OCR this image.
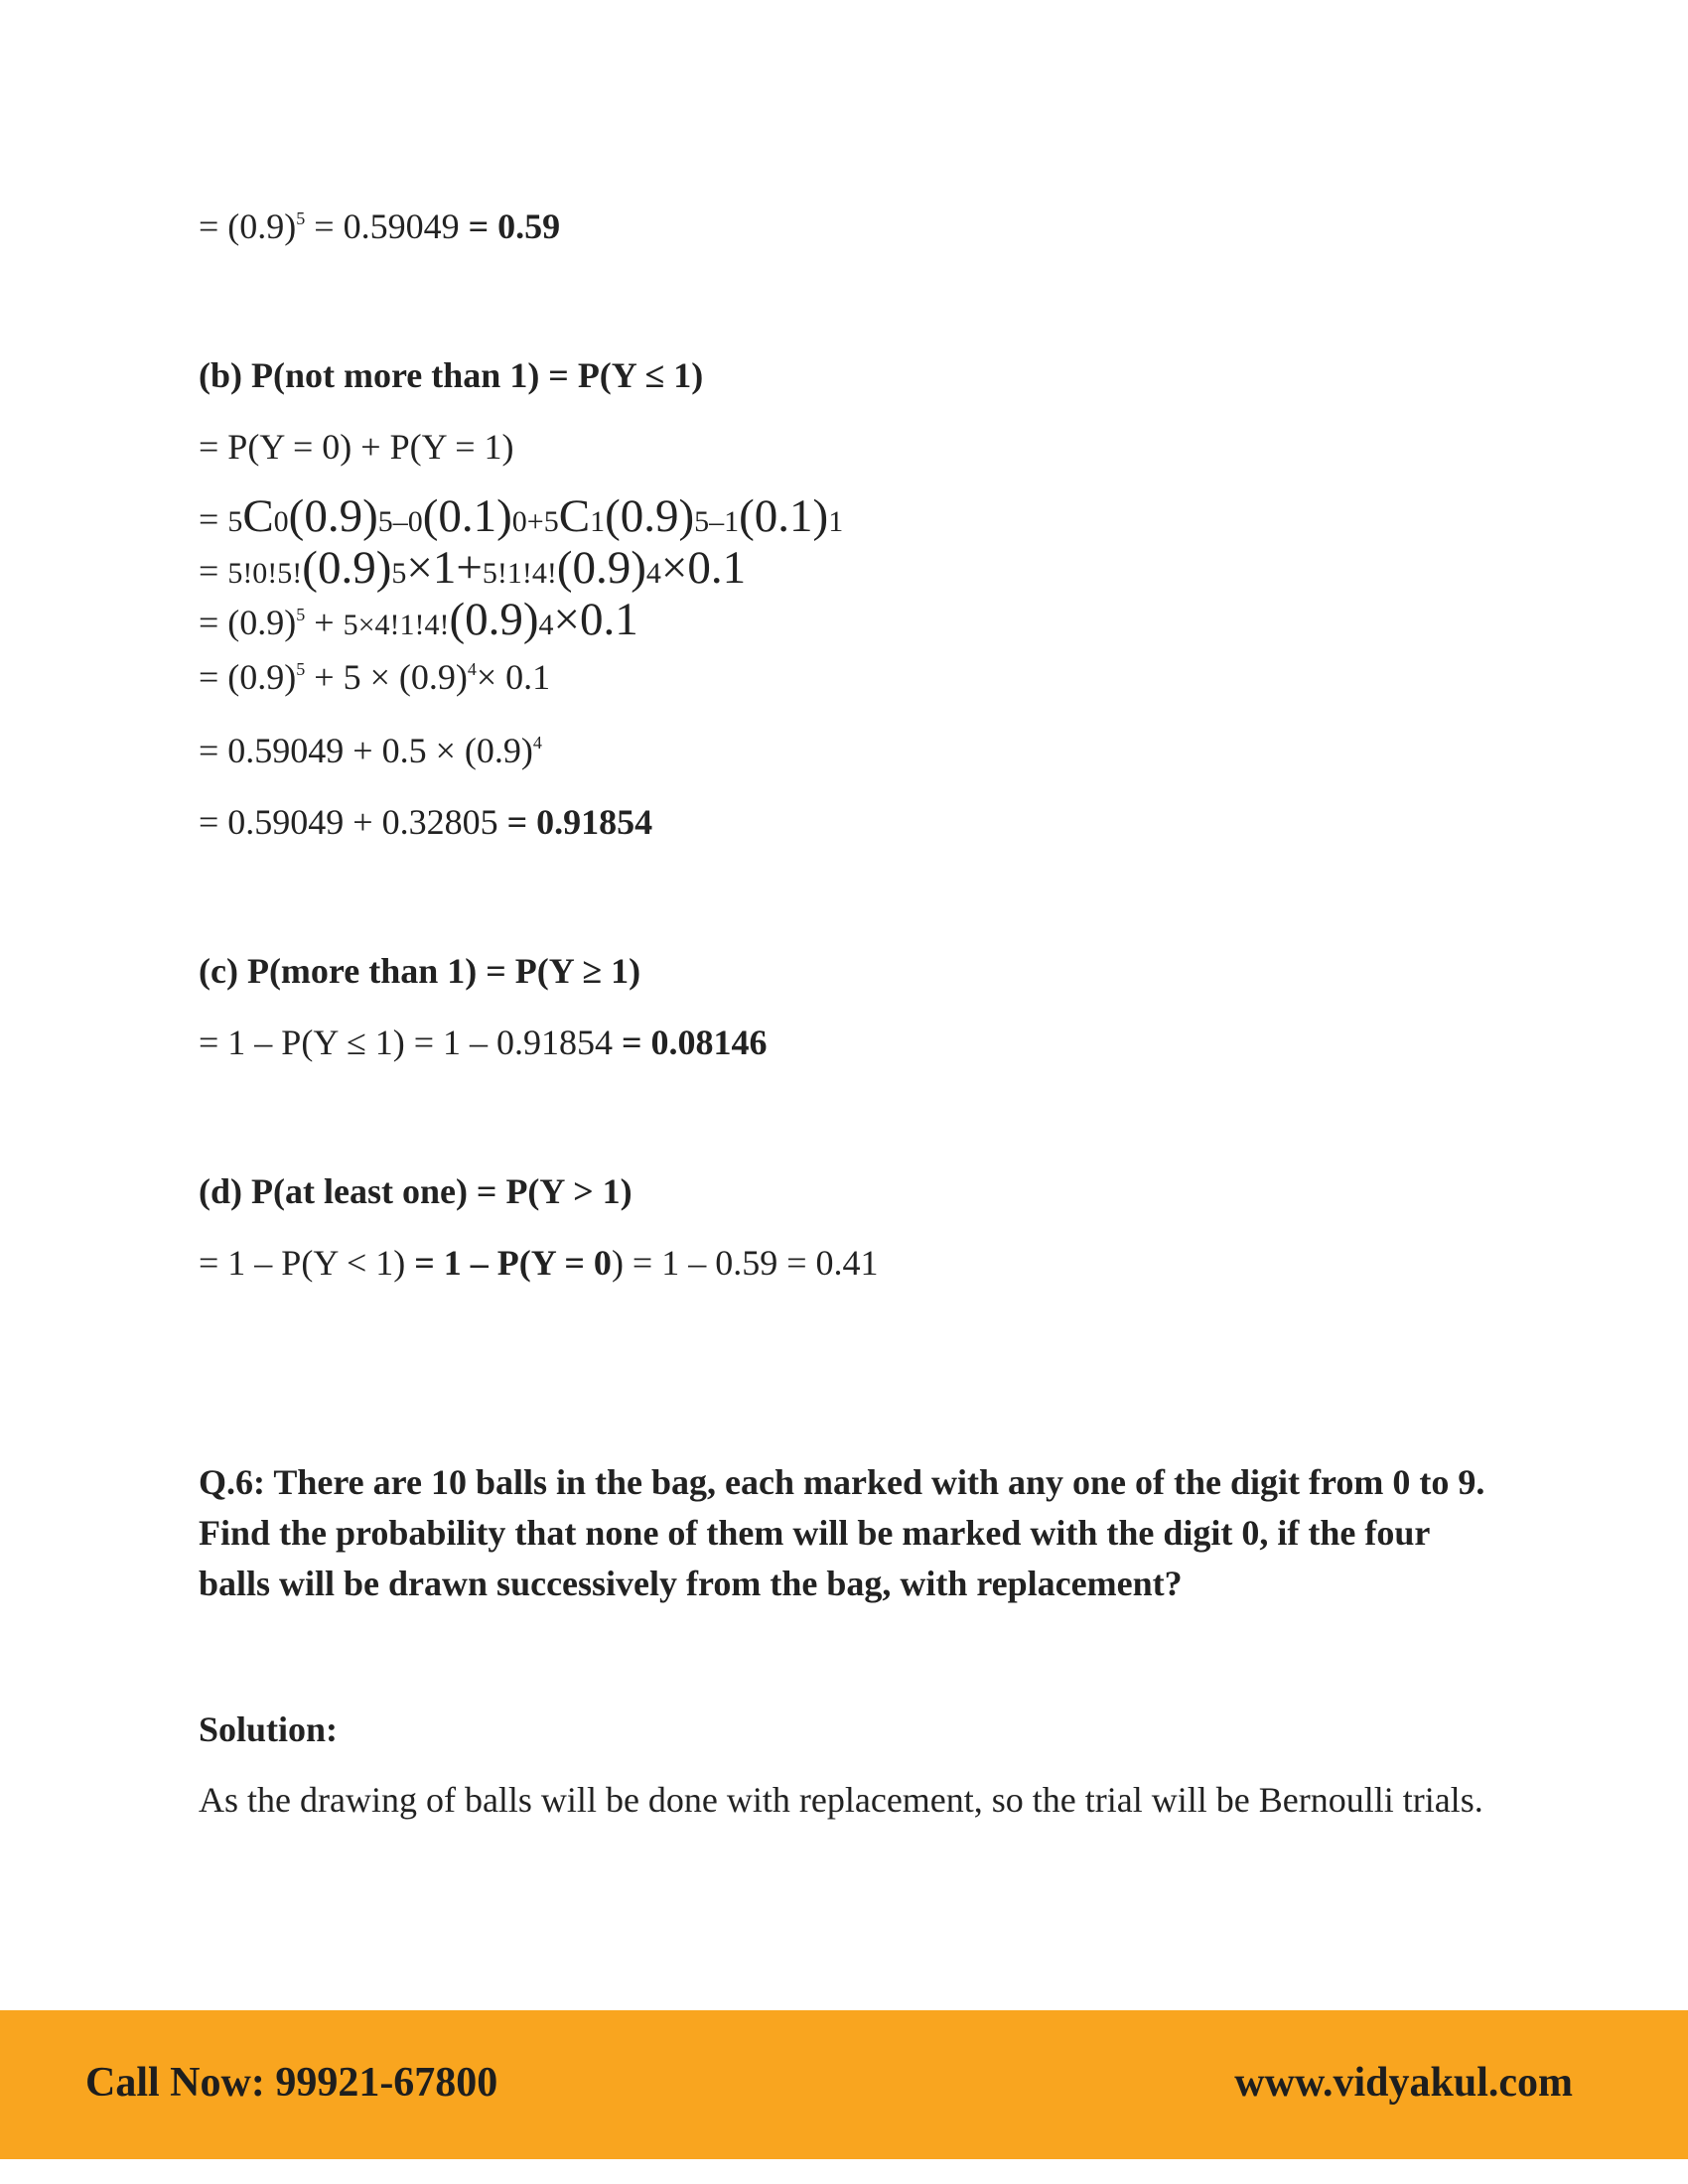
= $(0.9)^5 = 0.59049 = 0.59$
(b) P(not more than 1) = P(Y ≤ 1)
= P(Y = 0) + P(Y = 1)
= 5C0(0.9)5–0(0.1)0+5C1(0.9)5–1(0.1)1
= 5!0!5!(0.9)5×1+5!1!4!(0.9)4×0.1
= $(0.9)^5 + 5\times 4!1!4!(0.9)4\times 0.1$
= $(0.9)^5 + 5 \times (0.9)^4\times 0.1$
= $0.59049 + 0.5 \times (0.9)^4$
= 0.59049 + 0.32805 = 0.91854
(c) P(more than 1) = P(Y ≥ 1)
= 1 – P(Y ≤ 1) = 1 – 0.91854 = 0.08146
(d) P(at least one) = P(Y > 1)
= 1 – P(Y < 1) = 1 – P(Y = 0) = 1 – 0.59 = 0.41
Q.6: There are 10 balls in the bag, each marked with any one of the digit from 0 to 9. Find the probability that none of them will be marked with the digit 0, if the four balls will be drawn successively from the bag, with replacement?
Solution:
As the drawing of balls will be done with replacement, so the trial will be Bernoulli trials.
Call Now: 99921-67800	www.vidyakul.com
